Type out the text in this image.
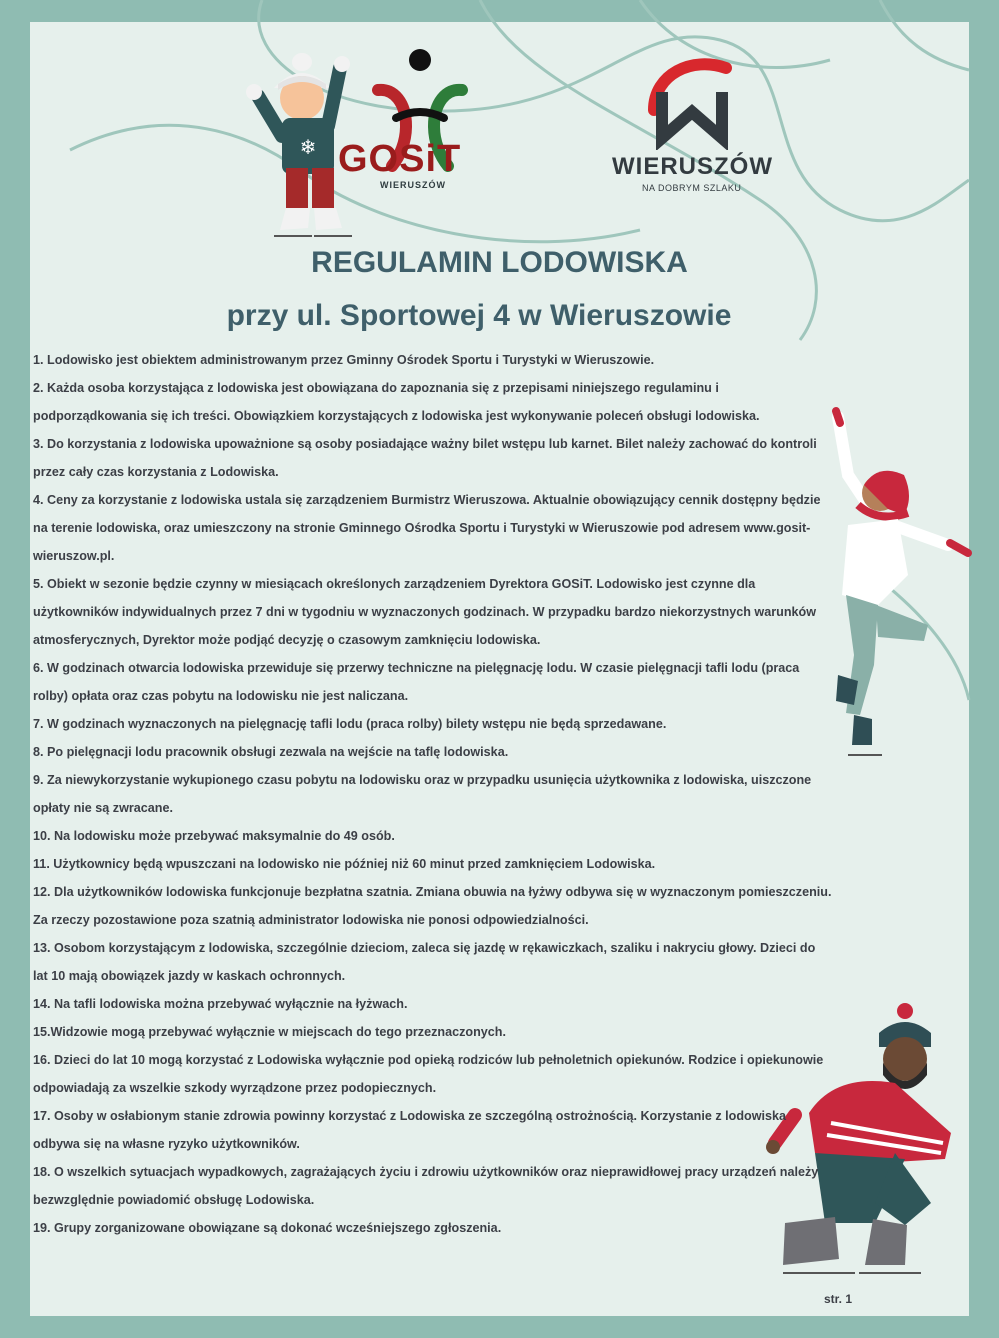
❄ GOSiT
WIERUSZÓW
WIERUSZÓW
NA DOBRYM SZLAKU
REGULAMIN LODOWISKA
przy ul. Sportowej 4 w Wieruszowie

1. Lodowisko jest obiektem administrowanym przez Gminny Ośrodek Sportu i Turystyki w Wieruszowie.

2. Każda osoba korzystająca z lodowiska jest obowiązana do zapoznania się z przepisami niniejszego regulaminu i podporządkowania się ich treści. Obowiązkiem korzystających z lodowiska jest wykonywanie poleceń obsługi lodowiska.

3. Do korzystania z lodowiska upoważnione są osoby posiadające ważny bilet wstępu lub karnet. Bilet należy zachować do kontroli przez cały czas korzystania z Lodowiska.

4. Ceny za korzystanie z lodowiska ustala się zarządzeniem Burmistrz Wieruszowa. Aktualnie obowiązujący cennik dostępny będzie na terenie lodowiska, oraz umieszczony na stronie Gminnego Ośrodka Sportu i Turystyki w Wieruszowie pod adresem www.gosit-wieruszow.pl.

5. Obiekt w sezonie będzie czynny w miesiącach określonych zarządzeniem Dyrektora GOSiT. Lodowisko jest czynne dla użytkowników indywidualnych przez 7 dni w tygodniu w wyznaczonych godzinach. W przypadku bardzo niekorzystnych warunków atmosferycznych, Dyrektor może podjąć decyzję o czasowym zamknięciu lodowiska.

6. W godzinach otwarcia lodowiska przewiduje się przerwy techniczne na pielęgnację lodu. W czasie pielęgnacji tafli lodu (praca rolby) opłata oraz czas pobytu na lodowisku nie jest naliczana.

7. W godzinach wyznaczonych na pielęgnację tafli lodu (praca rolby) bilety wstępu nie będą sprzedawane.

8. Po pielęgnacji lodu pracownik obsługi zezwala na wejście na taflę lodowiska.

9. Za niewykorzystanie wykupionego czasu pobytu na lodowisku oraz w przypadku usunięcia użytkownika z lodowiska, uiszczone opłaty nie są zwracane.

10. Na lodowisku może przebywać maksymalnie do 49 osób.

11. Użytkownicy będą wpuszczani na lodowisko nie później niż 60 minut przed zamknięciem Lodowiska.

12. Dla użytkowników lodowiska funkcjonuje bezpłatna szatnia. Zmiana obuwia na łyżwy odbywa się w wyznaczonym pomieszczeniu. Za rzeczy pozostawione poza szatnią administrator lodowiska nie ponosi odpowiedzialności.

13. Osobom korzystającym z lodowiska, szczególnie dzieciom, zaleca się jazdę w rękawiczkach, szaliku i nakryciu głowy. Dzieci do lat 10 mają obowiązek jazdy w kaskach ochronnych.

14. Na tafli lodowiska można przebywać wyłącznie na łyżwach.

15.Widzowie mogą przebywać wyłącznie w miejscach do tego przeznaczonych.

16. Dzieci do lat 10 mogą korzystać z Lodowiska wyłącznie pod opieką rodziców lub pełnoletnich opiekunów. Rodzice i opiekunowie odpowiadają za wszelkie szkody wyrządzone przez podopiecznych.

17. Osoby w osłabionym stanie zdrowia powinny korzystać z Lodowiska ze szczególną ostrożnością. Korzystanie z lodowiska odbywa się na własne ryzyko użytkowników.

18. O wszelkich sytuacjach wypadkowych, zagrażających życiu i zdrowiu użytkowników oraz nieprawidłowej pracy urządzeń należy bezwzględnie powiadomić obsługę Lodowiska.

19. Grupy zorganizowane obowiązane są dokonać wcześniejszego zgłoszenia.

str. 1
